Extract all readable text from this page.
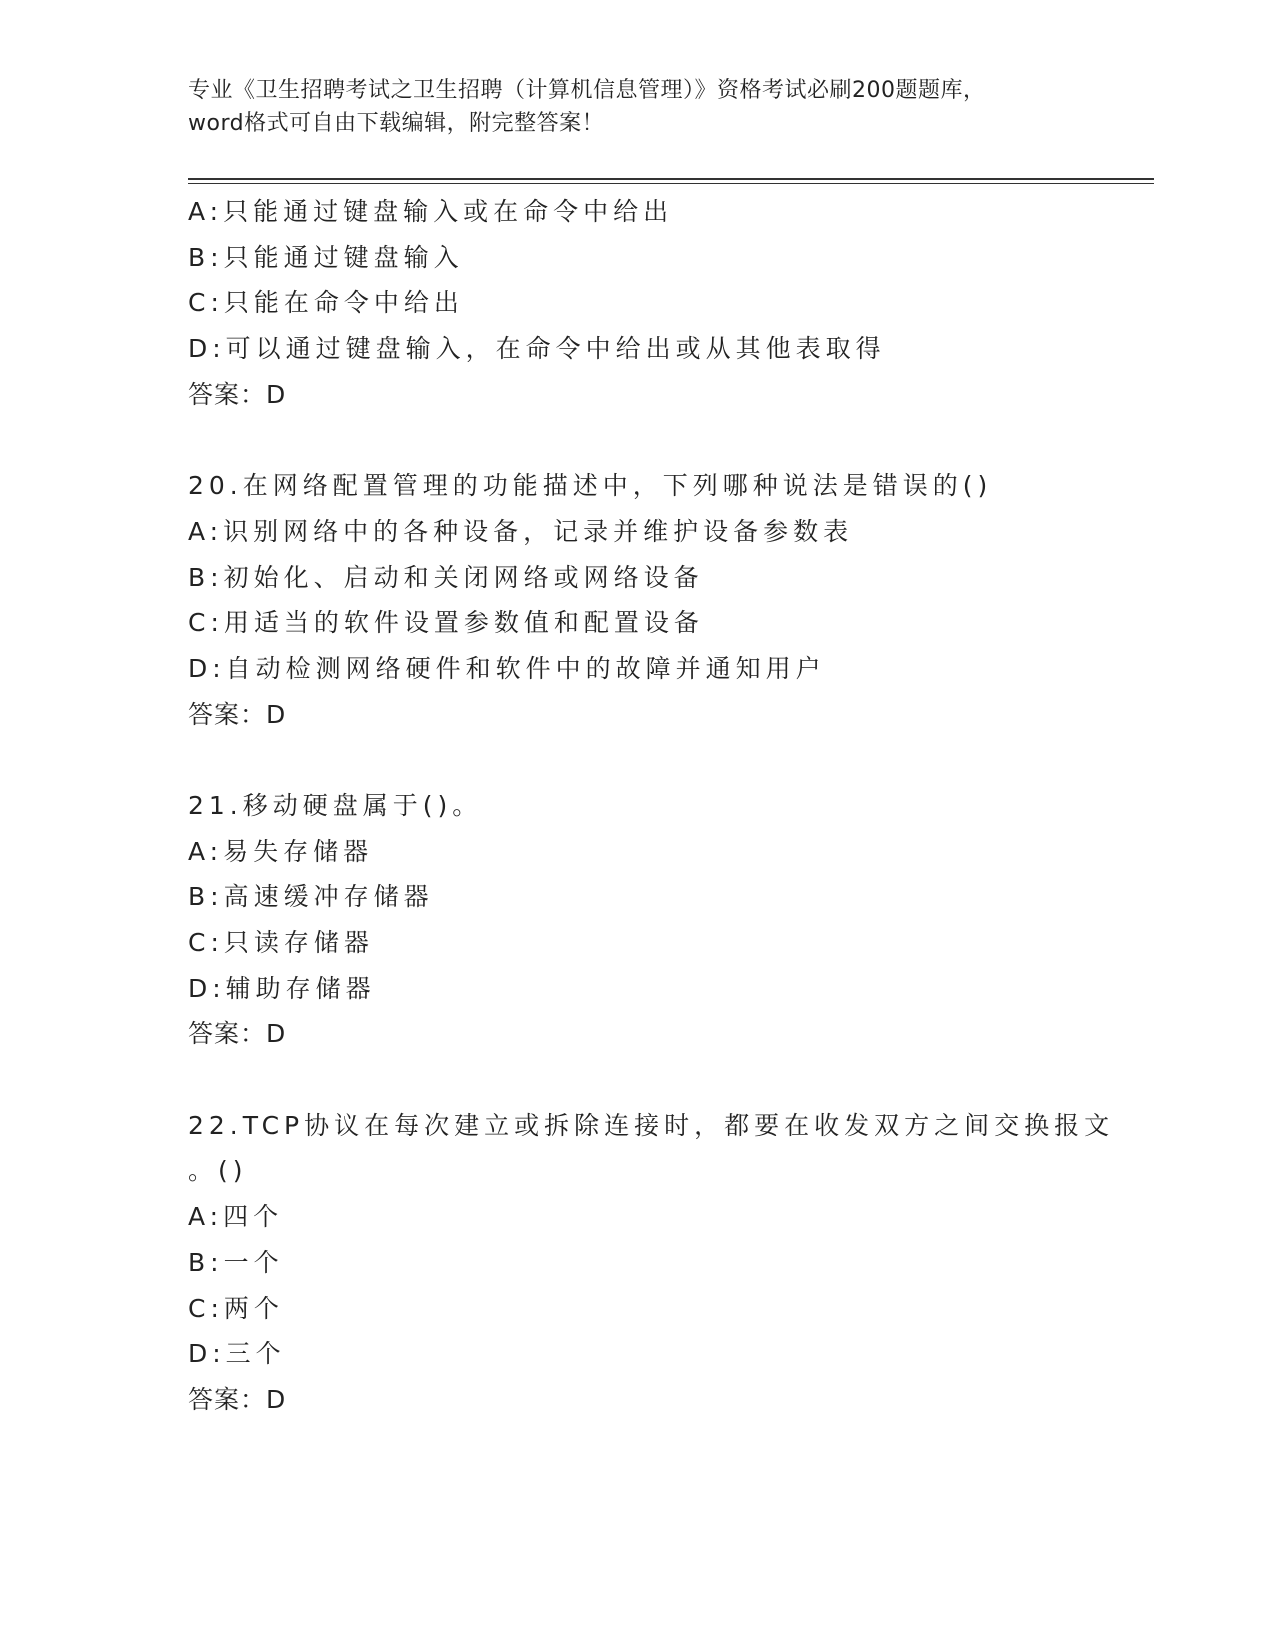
专业《卫生招聘考试之卫生招聘（计算机信息管理）》资格考试必刷200题题库，
word格式可自由下载编辑，附完整答案！
A:只能通过键盘输入或在命令中给出
B:只能通过键盘输入
C:只能在命令中给出
D:可以通过键盘输入，在命令中给出或从其他表取得
答案：D
20.在网络配置管理的功能描述中，下列哪种说法是错误的()
A:识别网络中的各种设备，记录并维护设备参数表
B:初始化、启动和关闭网络或网络设备
C:用适当的软件设置参数值和配置设备
D:自动检测网络硬件和软件中的故障并通知用户
答案：D
21.移动硬盘属于()。
A:易失存储器
B:高速缓冲存储器
C:只读存储器
D:辅助存储器
答案：D
22.TCP协议在每次建立或拆除连接时，都要在收发双方之间交换报文
。()
A:四个
B:一个
C:两个
D:三个
答案：D
